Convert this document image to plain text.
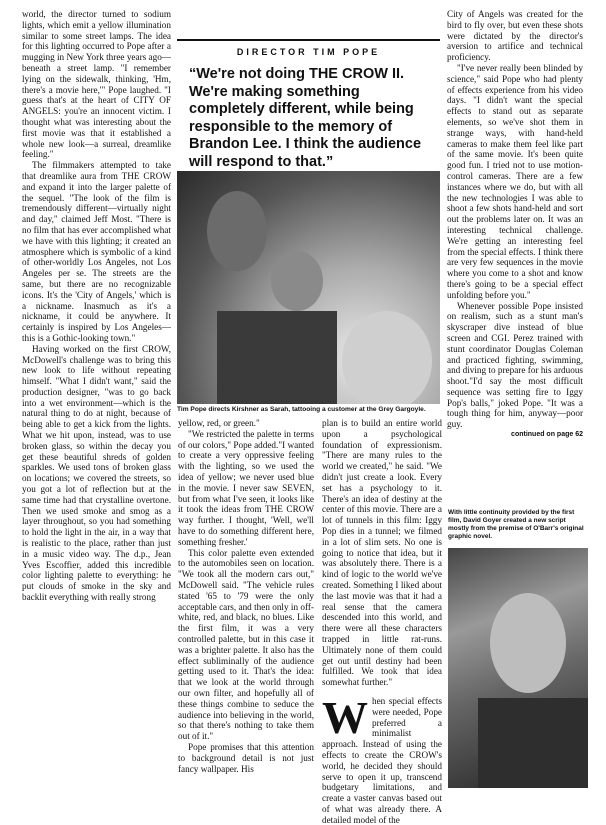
world, the director turned to sodium lights, which emit a yellow illumination similar to some street lamps. The idea for this lighting occurred to Pope after a mugging in New York three years ago—beneath a street lamp. "I remember lying on the sidewalk, thinking, 'Hm, there's a movie here,'" Pope laughed. "I guess that's at the heart of CITY OF ANGELS: you're an innocent victim. I thought what was interesting about the first movie was that it established a whole new look—a surreal, dreamlike feeling."

The filmmakers attempted to take that dreamlike aura from THE CROW and expand it into the larger palette of the sequel. "The look of the film is tremendously different—virtually night and day," claimed Jeff Most. "There is no film that has ever accomplished what we have with this lighting; it created an atmosphere which is symbolic of a kind of other-worldly Los Angeles, not Los Angeles per se. The streets are the same, but there are no recognizable icons. It's the 'City of Angels,' which is a nickname. Inasmuch as it's a nickname, it could be anywhere. It certainly is inspired by Los Angeles—this is a Gothic-looking town."

Having worked on the first CROW, McDowell's challenge was to bring this new look to life without repeating himself. "What I didn't want," said the production designer, "was to go back into a wet environment—which is the natural thing to do at night, because of being able to get a kick from the lights. What we hit upon, instead, was to use broken glass, so within the decay you get these beautiful shreds of golden sparkles. We used tons of broken glass on locations; we covered the streets, so you got a lot of reflection but at the same time had that crystalline overtone. Then we used smoke and smog as a layer throughout, so you had something to hold the light in the air, in a way that is realistic to the place, rather than just in a music video way. The d.p., Jean Yves Escoffier, added this incredible color lighting palette to everything: he put clouds of smoke in the sky and backlit everything with really strong

DIRECTOR TIM POPE
“We're not doing THE CROW II. We're making something completely different, while being responsible to the memory of Brandon Lee. I think the audience will respond to that.”
Tim Pope directs Kirshner as Sarah, tattooing a customer at the Grey Gargoyle.

yellow, red, or green."

"We restricted the palette in terms of our colors," Pope added."I wanted to create a very oppressive feeling with the lighting, so we used the idea of yellow; we never used blue in the movie. I never saw SEVEN, but from what I've seen, it looks like it took the ideas from THE CROW way further. I thought, 'Well, we'll have to do something different here, something fresher.'

This color palette even extended to the automobiles seen on location. "We took all the modern cars out," McDowell said. "The vehicle rules stated '65 to '79 were the only acceptable cars, and then only in off-white, red, and black, no blues. Like the first film, it was a very controlled palette, but in this case it was a brighter palette. It also has the effect subliminally of the audience getting used to it. That's the idea: that we look at the world through our own filter, and hopefully all of these things combine to seduce the audience into believing in the world, so that there's nothing to take them out of it."

Pope promises that this attention to background detail is not just fancy wallpaper. His

plan is to build an entire world upon a psychological foundation of expressionism. "There are many rules to the world we created," he said. "We didn't just create a look. Every set has a psychology to it. There's an idea of destiny at the center of this movie. There are a lot of tunnels in this film: Iggy Pop dies in a tunnel; we filmed in a lot of slim sets. No one is going to notice that idea, but it was absolutely there. There is a kind of logic to the world we've created. Something I liked about the last movie was that it had a real sense that the camera descended into this world, and there were all these characters trapped in little rat-runs. Ultimately none of them could get out until destiny had been fulfilled. We took that idea somewhat further."

W hen special effects were needed, Pope preferred a minimalist approach. Instead of using the effects to create the CROW's world, he decided they should serve to open it up, transcend budgetary limitations, and create a vaster canvas based out of what was already there. A detailed model of the

City of Angels was created for the bird to fly over, but even these shots were dictated by the director's aversion to artifice and technical proficiency.

"I've never really been blinded by science," said Pope who had plenty of effects experience from his video days. "I didn't want the special effects to stand out as separate elements, so we've shot them in strange ways, with hand-held cameras to make them feel like part of the same movie. It's been quite good fun. I tried not to use motion-control cameras. There are a few instances where we do, but with all the new technologies I was able to shoot a few shots hand-held and sort out the problems later on. It was an interesting technical challenge. We're getting an interesting feel from the special effects. I think there are very few sequences in the movie where you come to a shot and know there's going to be a special effect unfolding before you."

Whenever possible Pope insisted on realism, such as a stunt man's skyscraper dive instead of blue screen and CGI. Perez trained with stunt coordinator Douglas Coleman and practiced fighting, swimming, and diving to prepare for his arduous shoot."I'd say the most difficult sequence was setting fire to Iggy Pop's balls," joked Pope. "It was a tough thing for him, anyway—poor guy.

continued on page 62
With little continuity provided by the first film, David Goyer created a new script mostly from the premise of O'Barr's original graphic novel.
